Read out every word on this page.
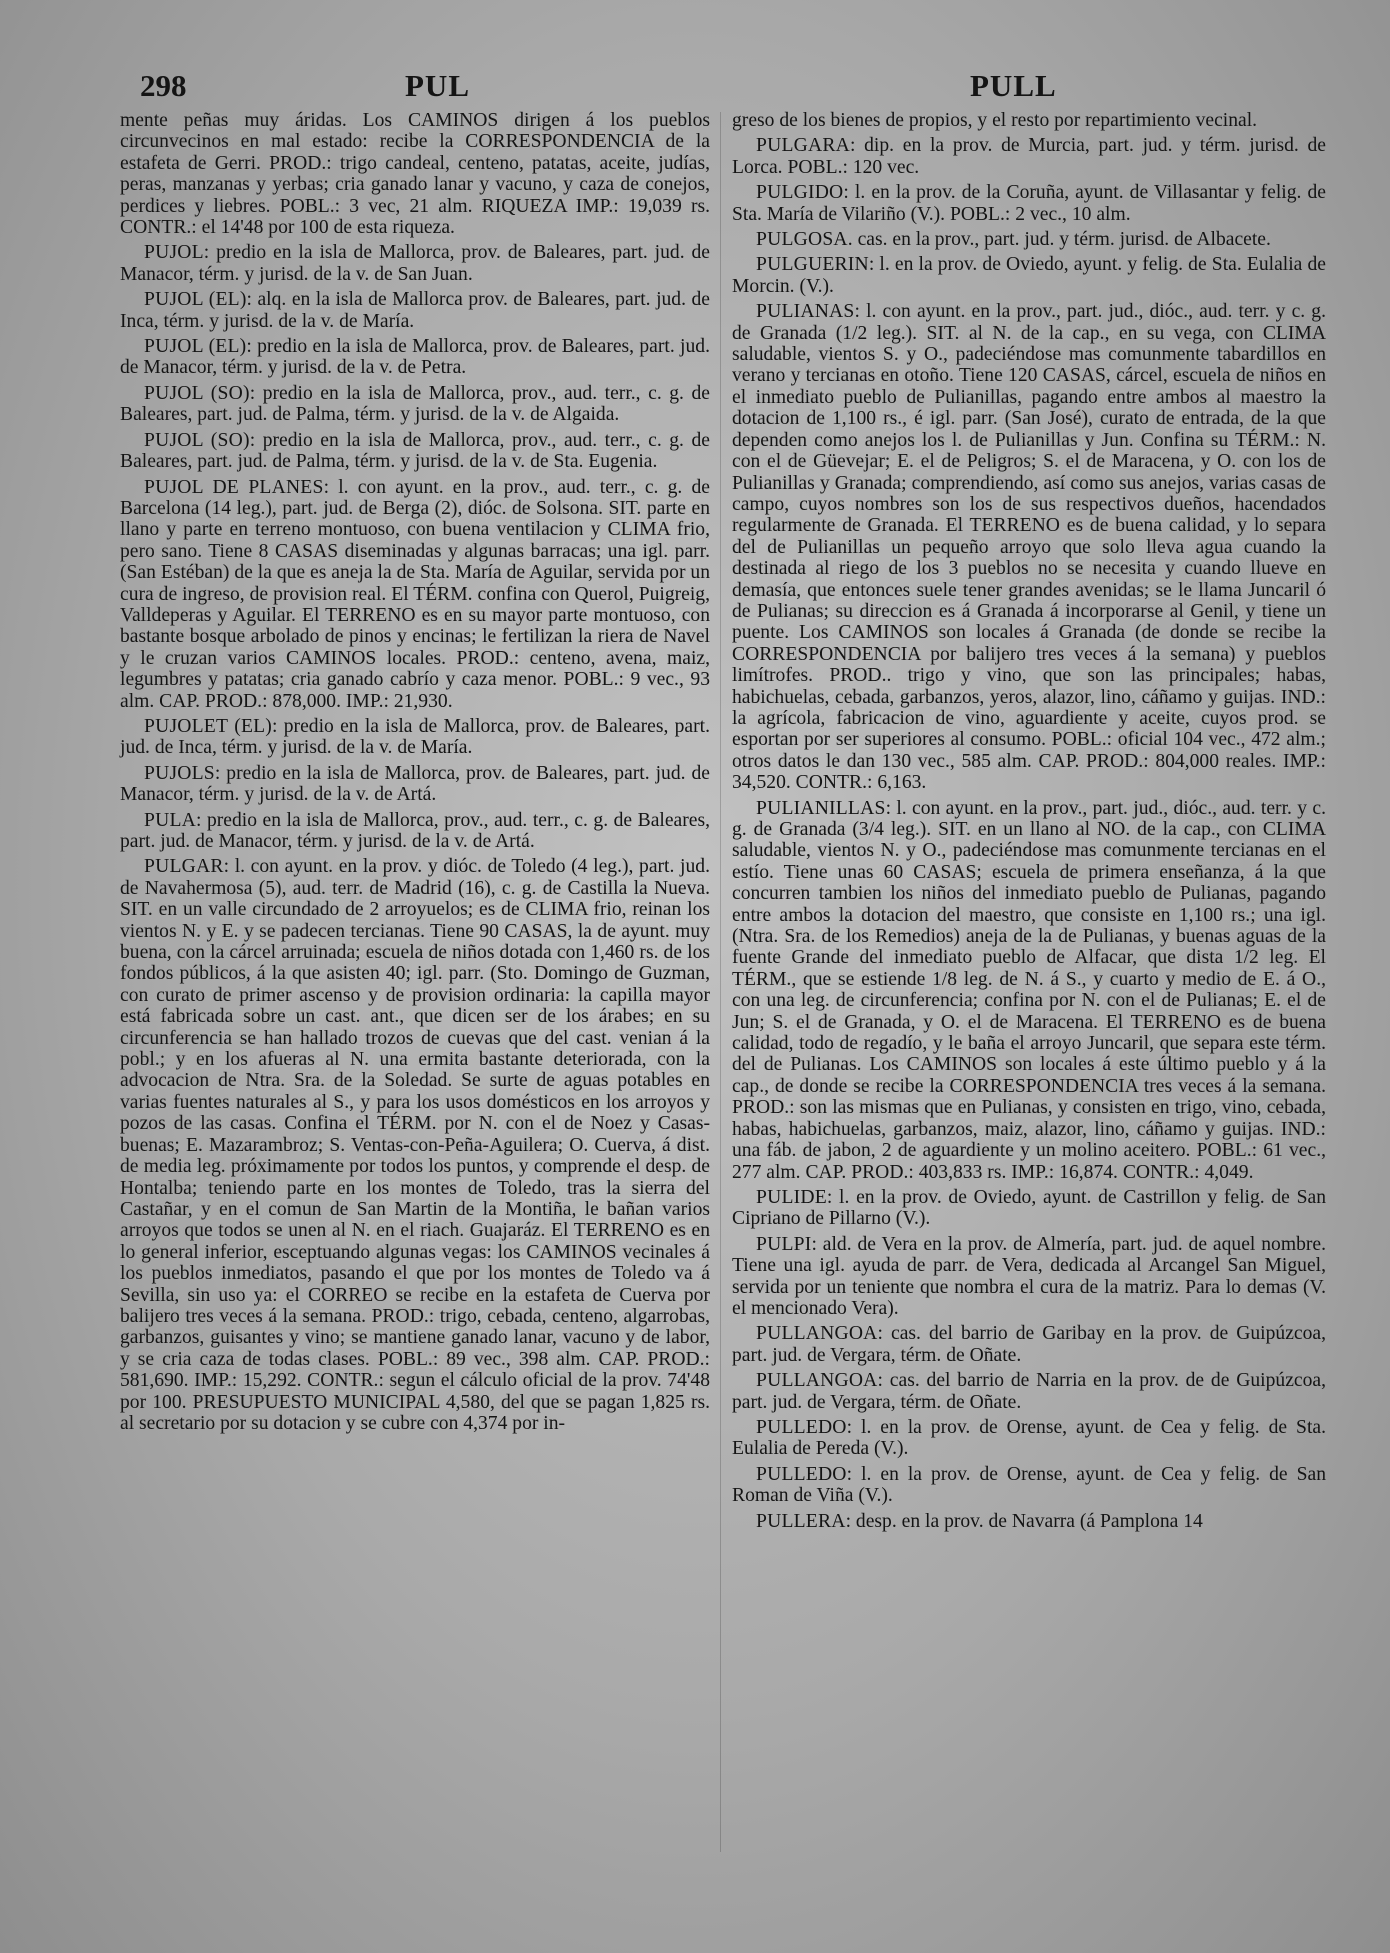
298	PUL	PULL

mente peñas muy áridas. Los CAMINOS dirigen á los pueblos circunvecinos en mal estado: recibe la CORRESPONDENCIA de la estafeta de Gerri. PROD.: trigo candeal, centeno, patatas, aceite, judías, peras, manzanas y yerbas; cria ganado lanar y vacuno, y caza de conejos, perdices y liebres. POBL.: 3 vec, 21 alm. RIQUEZA IMP.: 19,039 rs. CONTR.: el 14'48 por 100 de esta riqueza.

PUJOL: predio en la isla de Mallorca, prov. de Baleares, part. jud. de Manacor, térm. y jurisd. de la v. de San Juan.

PUJOL (EL): alq. en la isla de Mallorca prov. de Baleares, part. jud. de Inca, térm. y jurisd. de la v. de María.

PUJOL (EL): predio en la isla de Mallorca, prov. de Baleares, part. jud. de Manacor, térm. y jurisd. de la v. de Petra.

PUJOL (SO): predio en la isla de Mallorca, prov., aud. terr., c. g. de Baleares, part. jud. de Palma, térm. y jurisd. de la v. de Algaida.

PUJOL (SO): predio en la isla de Mallorca, prov., aud. terr., c. g. de Baleares, part. jud. de Palma, térm. y jurisd. de la v. de Sta. Eugenia.

PUJOL DE PLANES: l. con ayunt. en la prov., aud. terr., c. g. de Barcelona (14 leg.), part. jud. de Berga (2), dióc. de Solsona. SIT. parte en llano y parte en terreno montuoso, con buena ventilacion y CLIMA frio, pero sano. Tiene 8 CASAS diseminadas y algunas barracas; una igl. parr. (San Estéban) de la que es aneja la de Sta. María de Aguilar, servida por un cura de ingreso, de provision real. El TÉRM. confina con Querol, Puigreig, Valldeperas y Aguilar. El TERRENO es en su mayor parte montuoso, con bastante bosque arbolado de pinos y encinas; le fertilizan la riera de Navel y le cruzan varios CAMINOS locales. PROD.: centeno, avena, maiz, legumbres y patatas; cria ganado cabrío y caza menor. POBL.: 9 vec., 93 alm. CAP. PROD.: 878,000. IMP.: 21,930.

PUJOLET (EL): predio en la isla de Mallorca, prov. de Baleares, part. jud. de Inca, térm. y jurisd. de la v. de María.

PUJOLS: predio en la isla de Mallorca, prov. de Baleares, part. jud. de Manacor, térm. y jurisd. de la v. de Artá.

PULA: predio en la isla de Mallorca, prov., aud. terr., c. g. de Baleares, part. jud. de Manacor, térm. y jurisd. de la v. de Artá.

PULGAR: l. con ayunt. en la prov. y dióc. de Toledo (4 leg.), part. jud. de Navahermosa (5), aud. terr. de Madrid (16), c. g. de Castilla la Nueva. SIT. en un valle circundado de 2 arroyuelos; es de CLIMA frio, reinan los vientos N. y E. y se padecen tercianas. Tiene 90 CASAS, la de ayunt. muy buena, con la cárcel arruinada; escuela de niños dotada con 1,460 rs. de los fondos públicos, á la que asisten 40; igl. parr. (Sto. Domingo de Guzman, con curato de primer ascenso y de provision ordinaria: la capilla mayor está fabricada sobre un cast. ant., que dicen ser de los árabes; en su circunferencia se han hallado trozos de cuevas que del cast. venian á la pobl.; y en los afueras al N. una ermita bastante deteriorada, con la advocacion de Ntra. Sra. de la Soledad. Se surte de aguas potables en varias fuentes naturales al S., y para los usos domésticos en los arroyos y pozos de las casas. Confina el TÉRM. por N. con el de Noez y Casas-buenas; E. Mazarambroz; S. Ventas-con-Peña-Aguilera; O. Cuerva, á dist. de media leg. próximamente por todos los puntos, y comprende el desp. de Hontalba; teniendo parte en los montes de Toledo, tras la sierra del Castañar, y en el comun de San Martin de la Montiña, le bañan varios arroyos que todos se unen al N. en el riach. Guajaráz. El TERRENO es en lo general inferior, esceptuando algunas vegas: los CAMINOS vecinales á los pueblos inmediatos, pasando el que por los montes de Toledo va á Sevilla, sin uso ya: el CORREO se recibe en la estafeta de Cuerva por balijero tres veces á la semana. PROD.: trigo, cebada, centeno, algarrobas, garbanzos, guisantes y vino; se mantiene ganado lanar, vacuno y de labor, y se cria caza de todas clases. POBL.: 89 vec., 398 alm. CAP. PROD.: 581,690. IMP.: 15,292. CONTR.: segun el cálculo oficial de la prov. 74'48 por 100. PRESUPUESTO MUNICIPAL 4,580, del que se pagan 1,825 rs. al secretario por su dotacion y se cubre con 4,374 por in-

greso de los bienes de propios, y el resto por repartimiento vecinal.

PULGARA: dip. en la prov. de Murcia, part. jud. y térm. jurisd. de Lorca. POBL.: 120 vec.

PULGIDO: l. en la prov. de la Coruña, ayunt. de Villasantar y felig. de Sta. María de Vilariño (V.). POBL.: 2 vec., 10 alm.

PULGOSA. cas. en la prov., part. jud. y térm. jurisd. de Albacete.

PULGUERIN: l. en la prov. de Oviedo, ayunt. y felig. de Sta. Eulalia de Morcin. (V.).

PULIANAS: l. con ayunt. en la prov., part. jud., dióc., aud. terr. y c. g. de Granada (1/2 leg.). SIT. al N. de la cap., en su vega, con CLIMA saludable, vientos S. y O., padeciéndose mas comunmente tabardillos en verano y tercianas en otoño. Tiene 120 CASAS, cárcel, escuela de niños en el inmediato pueblo de Pulianillas, pagando entre ambos al maestro la dotacion de 1,100 rs., é igl. parr. (San José), curato de entrada, de la que dependen como anejos los l. de Pulianillas y Jun. Confina su TÉRM.: N. con el de Güevejar; E. el de Peligros; S. el de Maracena, y O. con los de Pulianillas y Granada; comprendiendo, así como sus anejos, varias casas de campo, cuyos nombres son los de sus respectivos dueños, hacendados regularmente de Granada. El TERRENO es de buena calidad, y lo separa del de Pulianillas un pequeño arroyo que solo lleva agua cuando la destinada al riego de los 3 pueblos no se necesita y cuando llueve en demasía, que entonces suele tener grandes avenidas; se le llama Juncaril ó de Pulianas; su direccion es á Granada á incorporarse al Genil, y tiene un puente. Los CAMINOS son locales á Granada (de donde se recibe la CORRESPONDENCIA por balijero tres veces á la semana) y pueblos limítrofes. PROD.. trigo y vino, que son las principales; habas, habichuelas, cebada, garbanzos, yeros, alazor, lino, cáñamo y guijas. IND.: la agrícola, fabricacion de vino, aguardiente y aceite, cuyos prod. se esportan por ser superiores al consumo. POBL.: oficial 104 vec., 472 alm.; otros datos le dan 130 vec., 585 alm. CAP. PROD.: 804,000 reales. IMP.: 34,520. CONTR.: 6,163.

PULIANILLAS: l. con ayunt. en la prov., part. jud., dióc., aud. terr. y c. g. de Granada (3/4 leg.). SIT. en un llano al NO. de la cap., con CLIMA saludable, vientos N. y O., padeciéndose mas comunmente tercianas en el estío. Tiene unas 60 CASAS; escuela de primera enseñanza, á la que concurren tambien los niños del inmediato pueblo de Pulianas, pagando entre ambos la dotacion del maestro, que consiste en 1,100 rs.; una igl. (Ntra. Sra. de los Remedios) aneja de la de Pulianas, y buenas aguas de la fuente Grande del inmediato pueblo de Alfacar, que dista 1/2 leg. El TÉRM., que se estiende 1/8 leg. de N. á S., y cuarto y medio de E. á O., con una leg. de circunferencia; confina por N. con el de Pulianas; E. el de Jun; S. el de Granada, y O. el de Maracena. El TERRENO es de buena calidad, todo de regadío, y le baña el arroyo Juncaril, que separa este térm. del de Pulianas. Los CAMINOS son locales á este último pueblo y á la cap., de donde se recibe la CORRESPONDENCIA tres veces á la semana. PROD.: son las mismas que en Pulianas, y consisten en trigo, vino, cebada, habas, habichuelas, garbanzos, maiz, alazor, lino, cáñamo y guijas. IND.: una fáb. de jabon, 2 de aguardiente y un molino aceitero. POBL.: 61 vec., 277 alm. CAP. PROD.: 403,833 rs. IMP.: 16,874. CONTR.: 4,049.

PULIDE: l. en la prov. de Oviedo, ayunt. de Castrillon y felig. de San Cipriano de Pillarno (V.).

PULPI: ald. de Vera en la prov. de Almería, part. jud. de aquel nombre. Tiene una igl. ayuda de parr. de Vera, dedicada al Arcangel San Miguel, servida por un teniente que nombra el cura de la matriz. Para lo demas (V. el mencionado Vera).

PULLANGOA: cas. del barrio de Garibay en la prov. de Guipúzcoa, part. jud. de Vergara, térm. de Oñate.

PULLANGOA: cas. del barrio de Narria en la prov. de de Guipúzcoa, part. jud. de Vergara, térm. de Oñate.

PULLEDO: l. en la prov. de Orense, ayunt. de Cea y felig. de Sta. Eulalia de Pereda (V.).

PULLEDO: l. en la prov. de Orense, ayunt. de Cea y felig. de San Roman de Viña (V.).

PULLERA: desp. en la prov. de Navarra (á Pamplona 14
